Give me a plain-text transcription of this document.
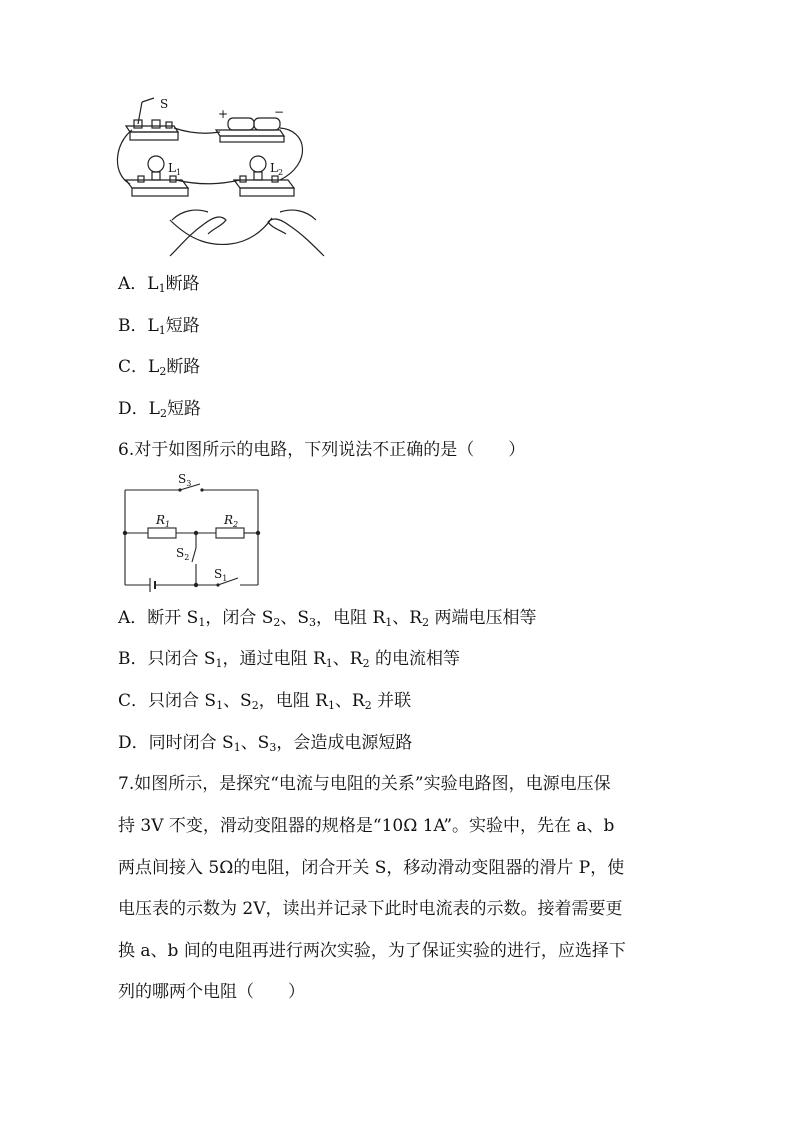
S
+	−
$L_1$	$L_2$
A．$L_1$断路
B．$L_1$短路
C．$L_2$断路
D．$L_2$短路
6.对于如图所示的电路，下列说法不正确的是（　　）
$S_3$
$R_1$	$R_2$
$S_2$
$S_1$
A．断开 $S_1$，闭合 $S_2$、$S_3$，电阻 $R_1$、$R_2$ 两端电压相等
B．只闭合 $S_1$，通过电阻 $R_1$、$R_2$ 的电流相等
C．只闭合 $S_1$、$S_2$，电阻 $R_1$、$R_2$ 并联
D．同时闭合 $S_1$、$S_3$，会造成电源短路
7.如图所示，是探究“电流与电阻的关系”实验电路图，电源电压保
持 3V 不变，滑动变阻器的规格是“10Ω 1A”。实验中，先在 a、b
两点间接入 5Ω的电阻，闭合开关 S，移动滑动变阻器的滑片 P，使
电压表的示数为 2V，读出并记录下此时电流表的示数。接着需要更
换 a、b 间的电阻再进行两次实验，为了保证实验的进行，应选择下
列的哪两个电阻（　　）
